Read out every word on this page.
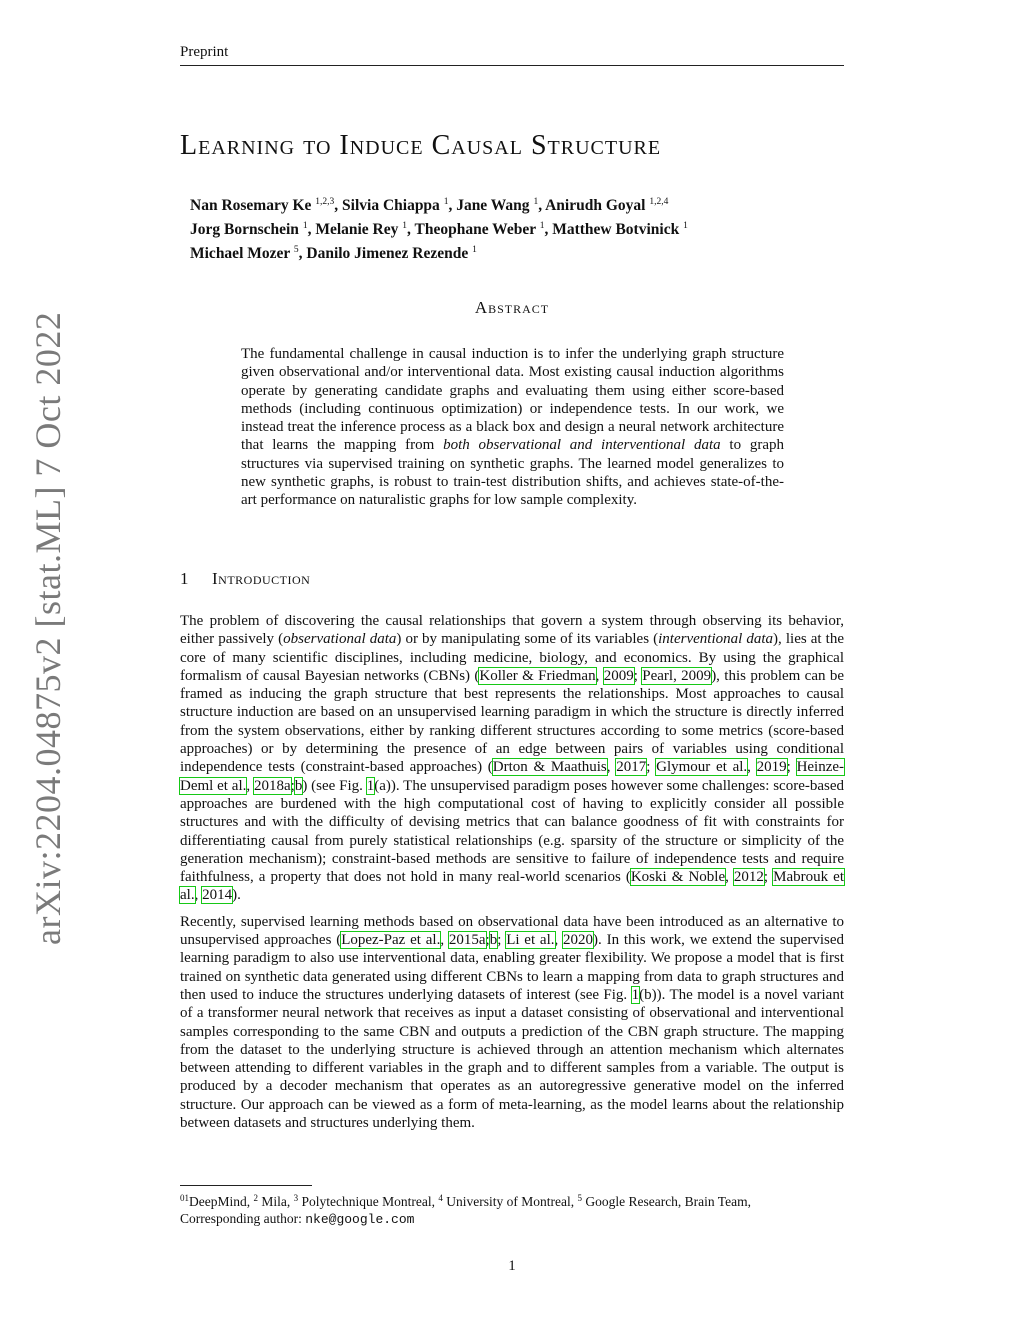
Preprint
arXiv:2204.04875v2 [stat.ML] 7 Oct 2022
Learning to Induce Causal Structure
Nan Rosemary Ke $^{1,2,3}$, Silvia Chiappa $^1$, Jane Wang $^1$, Anirudh Goyal $^{1,2,4}$
Jorg Bornschein $^1$, Melanie Rey $^1$, Theophane Weber $^1$, Matthew Botvinick $^1$
Michael Mozer $^5$, Danilo Jimenez Rezende $^1$
Abstract
The fundamental challenge in causal induction is to infer the underlying graph structure given observational and/or interventional data. Most existing causal induction algorithms operate by generating candidate graphs and evaluating them using either score-based methods (including continuous optimization) or independence tests. In our work, we instead treat the inference process as a black box and design a neural network architecture that learns the mapping from both observational and interventional data to graph structures via supervised training on synthetic graphs. The learned model generalizes to new synthetic graphs, is robust to train-test distribution shifts, and achieves state-of-the-art performance on naturalistic graphs for low sample complexity.
1 Introduction

The problem of discovering the causal relationships that govern a system through observing its behavior, either passively (observational data) or by manipulating some of its variables (interventional data), lies at the core of many scientific disciplines, including medicine, biology, and economics. By using the graphical formalism of causal Bayesian networks (CBNs) (Koller & Friedman, 2009; Pearl, 2009), this problem can be framed as inducing the graph structure that best represents the relationships. Most approaches to causal structure induction are based on an unsupervised learning paradigm in which the structure is directly inferred from the system observations, either by ranking different structures according to some metrics (score-based approaches) or by determining the presence of an edge between pairs of variables using conditional independence tests (constraint-based approaches) (Drton & Maathuis, 2017; Glymour et al., 2019; Heinze-Deml et al., 2018a;b) (see Fig. 1(a)). The unsupervised paradigm poses however some challenges: score-based approaches are burdened with the high computational cost of having to explicitly consider all possible structures and with the difficulty of devising metrics that can balance goodness of fit with constraints for differentiating causal from purely statistical relationships (e.g. sparsity of the structure or simplicity of the generation mechanism); constraint-based methods are sensitive to failure of independence tests and require faithfulness, a property that does not hold in many real-world scenarios (Koski & Noble, 2012; Mabrouk et al., 2014).

Recently, supervised learning methods based on observational data have been introduced as an alternative to unsupervised approaches (Lopez-Paz et al., 2015a;b; Li et al., 2020). In this work, we extend the supervised learning paradigm to also use interventional data, enabling greater flexibility. We propose a model that is first trained on synthetic data generated using different CBNs to learn a mapping from data to graph structures and then used to induce the structures underlying datasets of interest (see Fig. 1(b)). The model is a novel variant of a transformer neural network that receives as input a dataset consisting of observational and interventional samples corresponding to the same CBN and outputs a prediction of the CBN graph structure. The mapping from the dataset to the underlying structure is achieved through an attention mechanism which alternates between attending to different variables in the graph and to different samples from a variable. The output is produced by a decoder mechanism that operates as an autoregressive generative model on the inferred structure. Our approach can be viewed as a form of meta-learning, as the model learns about the relationship between datasets and structures underlying them.

$^{01}$DeepMind, $^2$ Mila, $^3$ Polytechnique Montreal, $^4$ University of Montreal, $^5$ Google Research, Brain Team,
Corresponding author: nke@google.com
1
